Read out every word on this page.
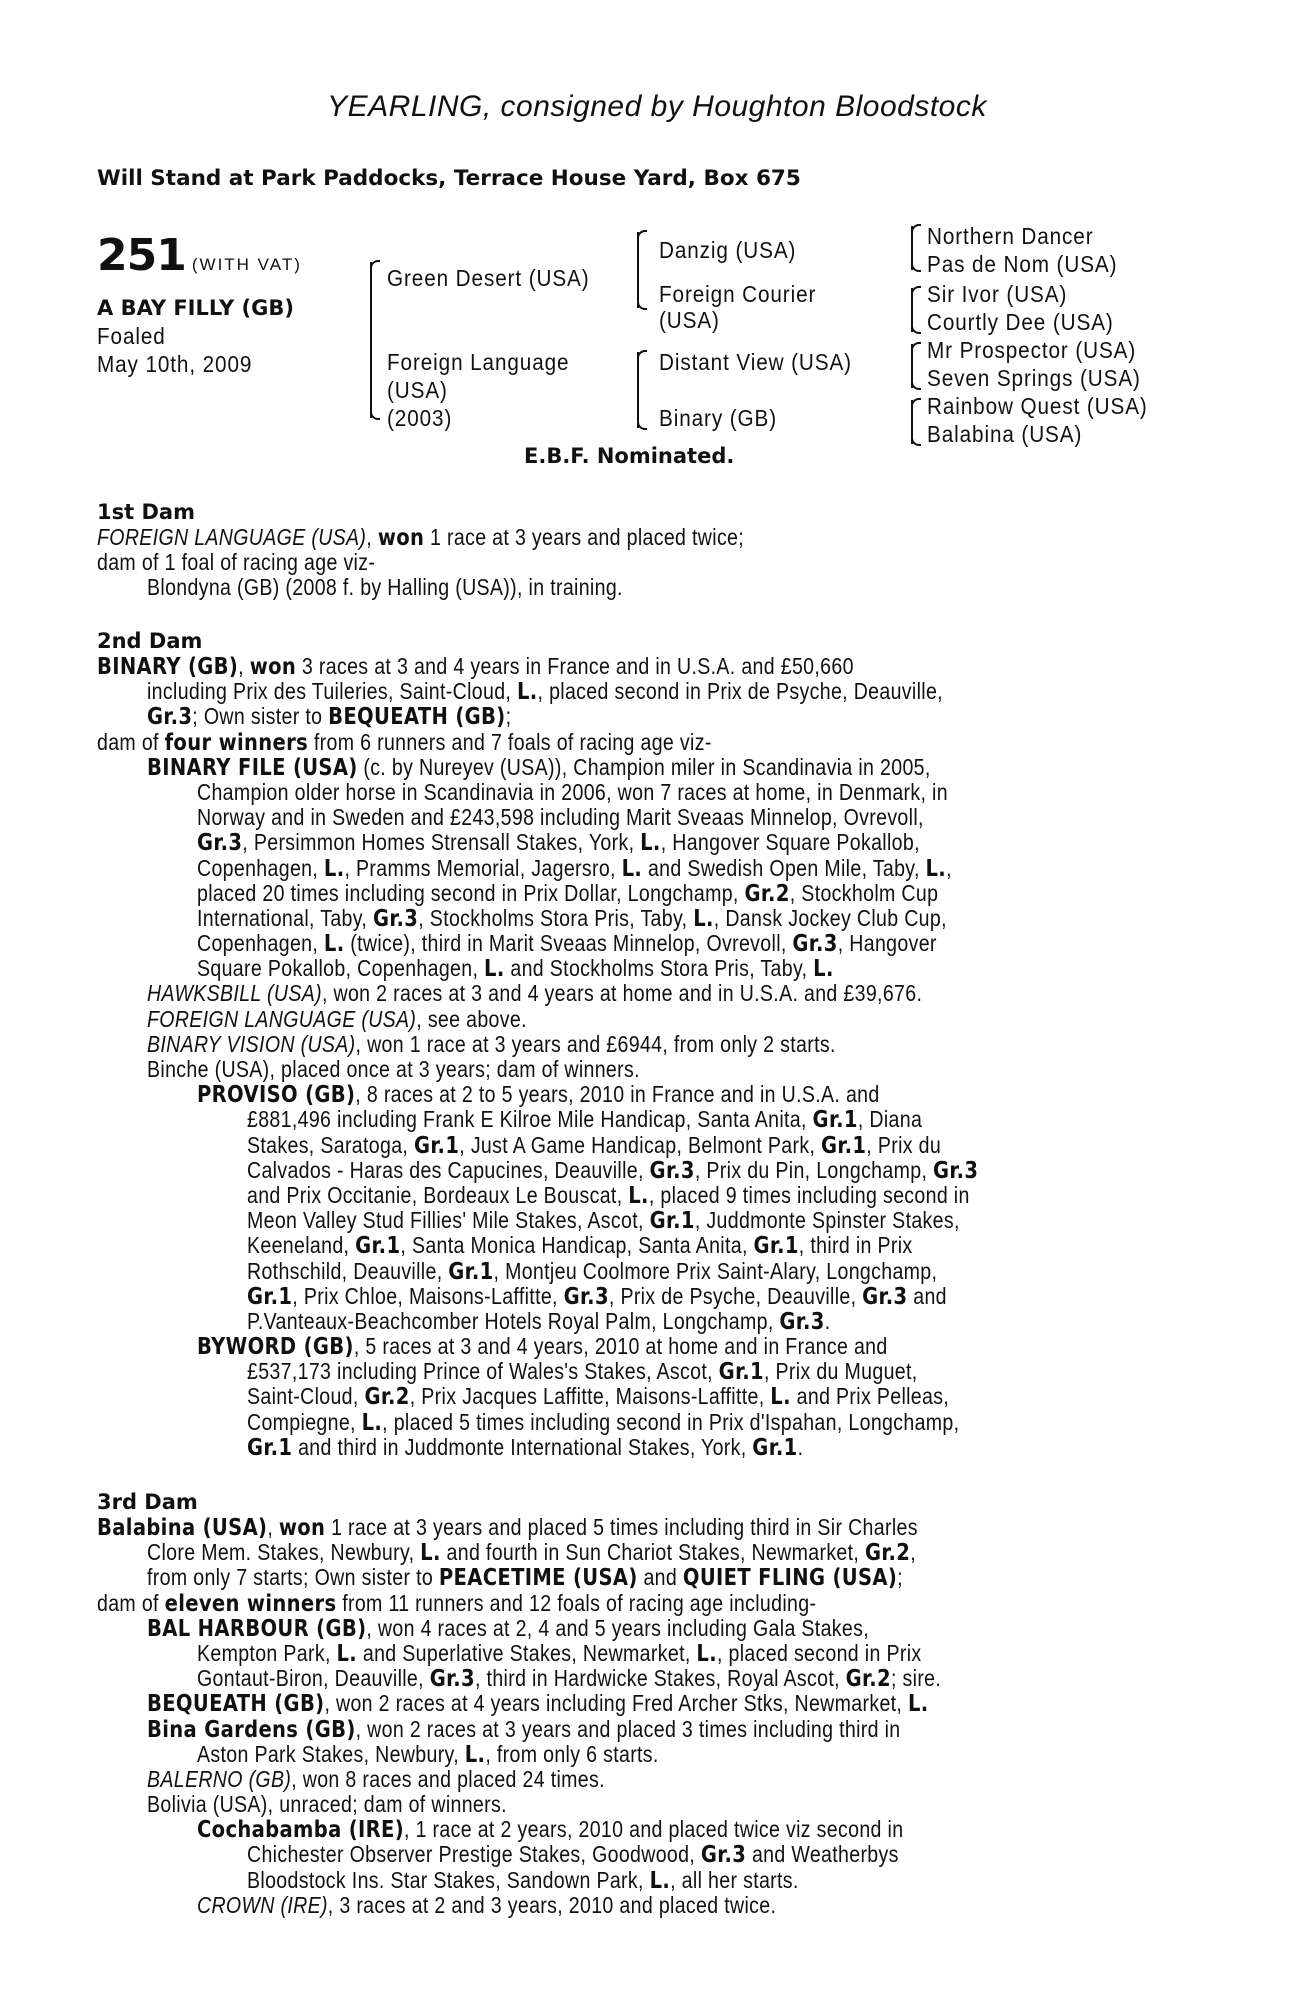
YEARLING, consigned by Houghton Bloodstock
Will Stand at Park Paddocks, Terrace House Yard, Box 675
251 (WITH VAT)
A BAY FILLY (GB)
Foaled
May 10th, 2009
Green Desert (USA)
Foreign Language
(USA)
(2003)
Danzig (USA)
Foreign Courier
(USA)
Distant View (USA)
Binary (GB)
Northern Dancer
Pas de Nom (USA)
Sir Ivor (USA)
Courtly Dee (USA)
Mr Prospector (USA)
Seven Springs (USA)
Rainbow Quest (USA)
Balabina (USA)
E.B.F. Nominated.
1st Dam
FOREIGN LANGUAGE (USA), won 1 race at 3 years and placed twice;
dam of 1 foal of racing age viz-
Blondyna (GB) (2008 f. by Halling (USA)), in training.
2nd Dam
BINARY (GB), won 3 races at 3 and 4 years in France and in U.S.A. and £50,660
including Prix des Tuileries, Saint-Cloud, L., placed second in Prix de Psyche, Deauville,
Gr.3; Own sister to BEQUEATH (GB);
dam of four winners from 6 runners and 7 foals of racing age viz-
BINARY FILE (USA) (c. by Nureyev (USA)), Champion miler in Scandinavia in 2005,
Champion older horse in Scandinavia in 2006, won 7 races at home, in Denmark, in
Norway and in Sweden and £243,598 including Marit Sveaas Minnelop, Ovrevoll,
Gr.3, Persimmon Homes Strensall Stakes, York, L., Hangover Square Pokallob,
Copenhagen, L., Pramms Memorial, Jagersro, L. and Swedish Open Mile, Taby, L.,
placed 20 times including second in Prix Dollar, Longchamp, Gr.2, Stockholm Cup
International, Taby, Gr.3, Stockholms Stora Pris, Taby, L., Dansk Jockey Club Cup,
Copenhagen, L. (twice), third in Marit Sveaas Minnelop, Ovrevoll, Gr.3, Hangover
Square Pokallob, Copenhagen, L. and Stockholms Stora Pris, Taby, L.
HAWKSBILL (USA), won 2 races at 3 and 4 years at home and in U.S.A. and £39,676.
FOREIGN LANGUAGE (USA), see above.
BINARY VISION (USA), won 1 race at 3 years and £6944, from only 2 starts.
Binche (USA), placed once at 3 years; dam of winners.
PROVISO (GB), 8 races at 2 to 5 years, 2010 in France and in U.S.A. and
£881,496 including Frank E Kilroe Mile Handicap, Santa Anita, Gr.1, Diana
Stakes, Saratoga, Gr.1, Just A Game Handicap, Belmont Park, Gr.1, Prix du
Calvados - Haras des Capucines, Deauville, Gr.3, Prix du Pin, Longchamp, Gr.3
and Prix Occitanie, Bordeaux Le Bouscat, L., placed 9 times including second in
Meon Valley Stud Fillies' Mile Stakes, Ascot, Gr.1, Juddmonte Spinster Stakes,
Keeneland, Gr.1, Santa Monica Handicap, Santa Anita, Gr.1, third in Prix
Rothschild, Deauville, Gr.1, Montjeu Coolmore Prix Saint-Alary, Longchamp,
Gr.1, Prix Chloe, Maisons-Laffitte, Gr.3, Prix de Psyche, Deauville, Gr.3 and
P.Vanteaux-Beachcomber Hotels Royal Palm, Longchamp, Gr.3.
BYWORD (GB), 5 races at 3 and 4 years, 2010 at home and in France and
£537,173 including Prince of Wales's Stakes, Ascot, Gr.1, Prix du Muguet,
Saint-Cloud, Gr.2, Prix Jacques Laffitte, Maisons-Laffitte, L. and Prix Pelleas,
Compiegne, L., placed 5 times including second in Prix d'Ispahan, Longchamp,
Gr.1 and third in Juddmonte International Stakes, York, Gr.1.
3rd Dam
Balabina (USA), won 1 race at 3 years and placed 5 times including third in Sir Charles
Clore Mem. Stakes, Newbury, L. and fourth in Sun Chariot Stakes, Newmarket, Gr.2,
from only 7 starts; Own sister to PEACETIME (USA) and QUIET FLING (USA);
dam of eleven winners from 11 runners and 12 foals of racing age including-
BAL HARBOUR (GB), won 4 races at 2, 4 and 5 years including Gala Stakes,
Kempton Park, L. and Superlative Stakes, Newmarket, L., placed second in Prix
Gontaut-Biron, Deauville, Gr.3, third in Hardwicke Stakes, Royal Ascot, Gr.2; sire.
BEQUEATH (GB), won 2 races at 4 years including Fred Archer Stks, Newmarket, L.
Bina Gardens (GB), won 2 races at 3 years and placed 3 times including third in
Aston Park Stakes, Newbury, L., from only 6 starts.
BALERNO (GB), won 8 races and placed 24 times.
Bolivia (USA), unraced; dam of winners.
Cochabamba (IRE), 1 race at 2 years, 2010 and placed twice viz second in
Chichester Observer Prestige Stakes, Goodwood, Gr.3 and Weatherbys
Bloodstock Ins. Star Stakes, Sandown Park, L., all her starts.
CROWN (IRE), 3 races at 2 and 3 years, 2010 and placed twice.
